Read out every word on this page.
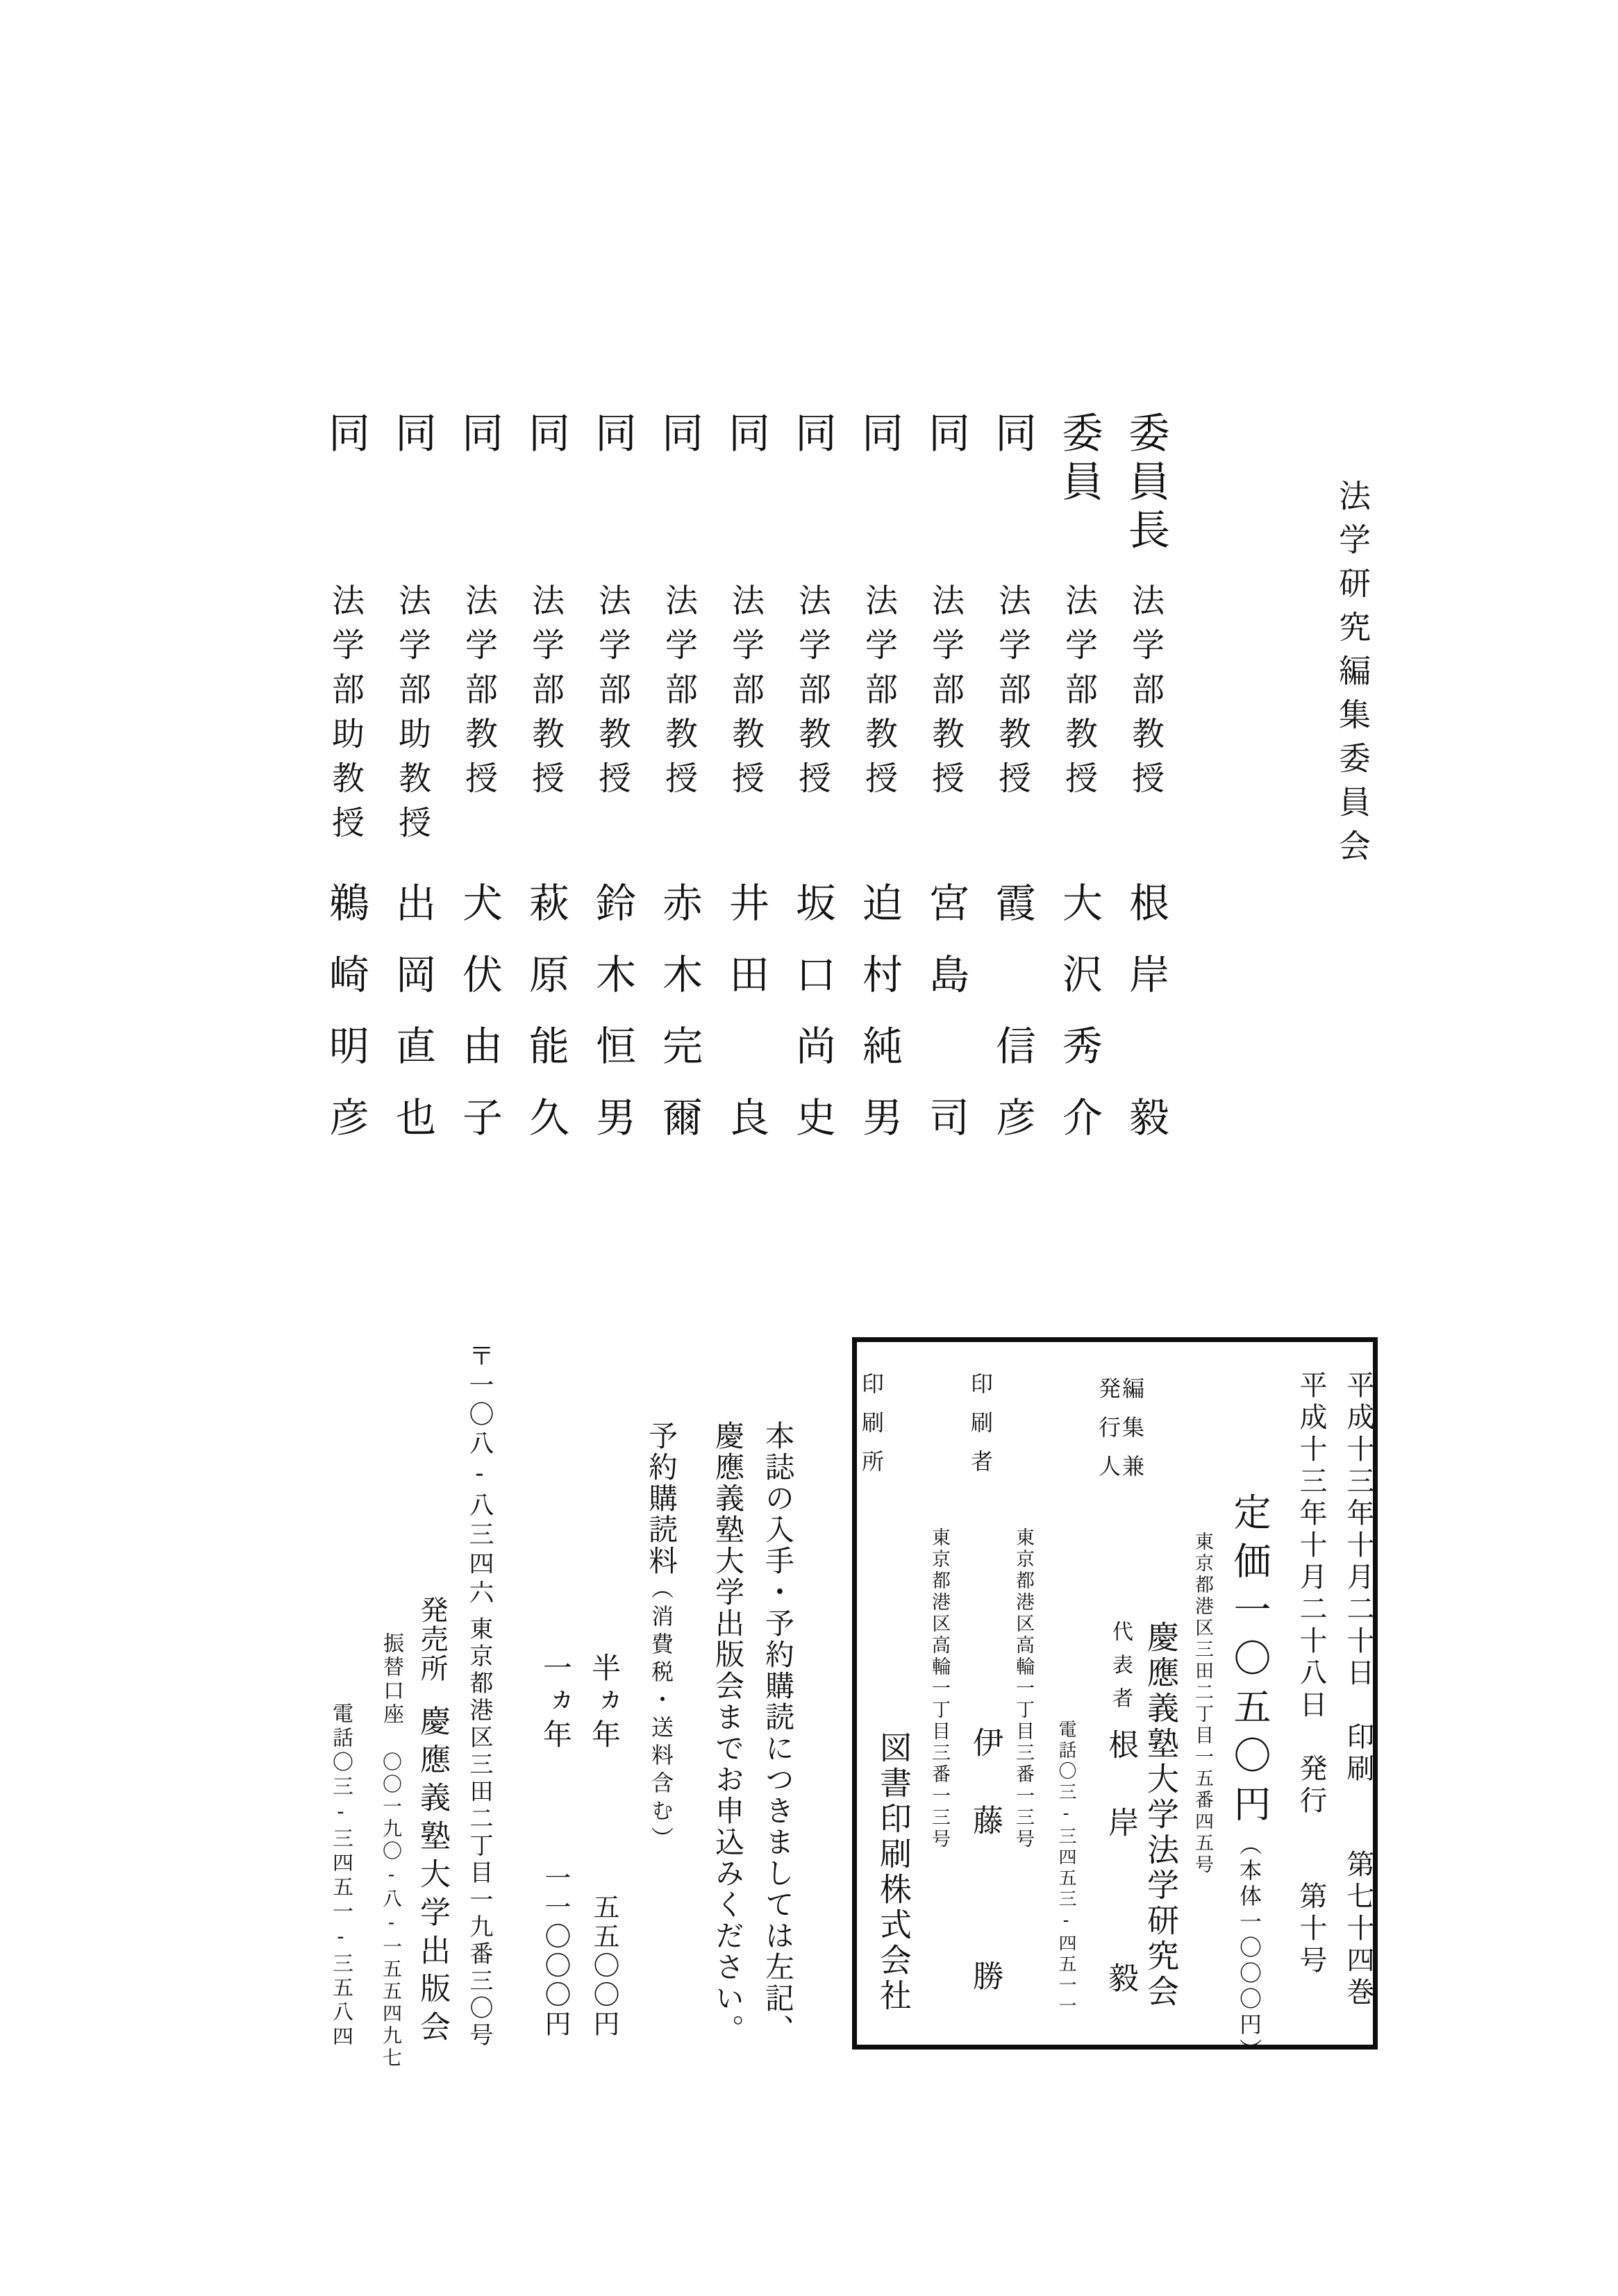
法学研究編集委員会
委員長
法学部教授
根岸　毅
委員
法学部教授
大沢秀介
同
法学部教授
霞　信彦
同
法学部教授
宮島　司
同
法学部教授
迫村純男
同
法学部教授
坂口尚史
同
法学部教授
井田　良
同
法学部教授
赤木完爾
同
法学部教授
鈴木恒男
同
法学部教授
萩原能久
同
法学部教授
犬伏由子
同
法学部助教授
出岡直也
同
法学部助教授
鵜崎明彦
平成十三年十月二十日　印刷　　第七十四巻
平成十三年十月二十八日　発行　　第十号
定価一〇五〇円︵本体一〇〇〇円︶
東京都港区三田二丁目一五番四五号
慶應義塾大学法学研究会
編集兼
発行人
代表者
根岸　毅
電話〇三-三四五三-四五一一
印刷者
東京都港区高輪一丁目三番一三号
伊藤　勝
印刷所
東京都港区高輪一丁目三番一三号
図書印刷株式会社
本誌の入手・予約購読につきましては左記、
慶應義塾大学出版会までお申込みください。
予約購読料︵消費税・送料含む︶
半ヵ年
五五〇〇円
一ヵ年
一一〇〇〇円
〒一〇八-八三四六
東京都港区三田二丁目一九番三〇号
発売所
慶應義塾大学出版会
振替口座
〇〇一九〇-八-一五五四九七
電話〇三-三四五一-三五八四
